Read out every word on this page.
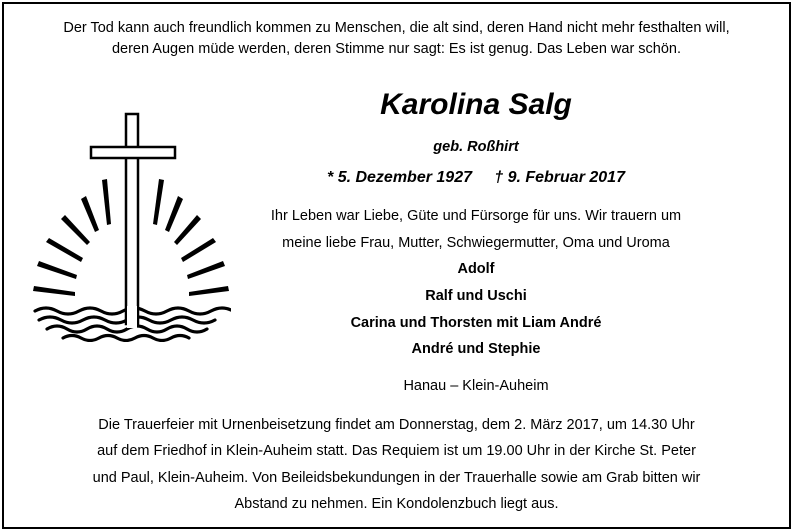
Der Tod kann auch freundlich kommen zu Menschen, die alt sind, deren Hand nicht mehr festhalten will,
deren Augen müde werden, deren Stimme nur sagt: Es ist genug. Das Leben war schön.
Karolina Salg
geb. Roßhirt
* 5. Dezember 1927     † 9. Februar 2017
Ihr Leben war Liebe, Güte und Fürsorge für uns. Wir trauern um
meine liebe Frau, Mutter, Schwiegermutter, Oma und Uroma
Adolf
Ralf und Uschi
Carina und Thorsten mit Liam André
André und Stephie
Hanau – Klein-Auheim
Die Trauerfeier mit Urnenbeisetzung findet am Donnerstag, dem 2. März 2017, um 14.30 Uhr
auf dem Friedhof in Klein-Auheim statt. Das Requiem ist um 19.00 Uhr in der Kirche St. Peter
und Paul, Klein-Auheim. Von Beileidsbekundungen in der Trauerhalle sowie am Grab bitten wir
Abstand zu nehmen. Ein Kondolenzbuch liegt aus.
